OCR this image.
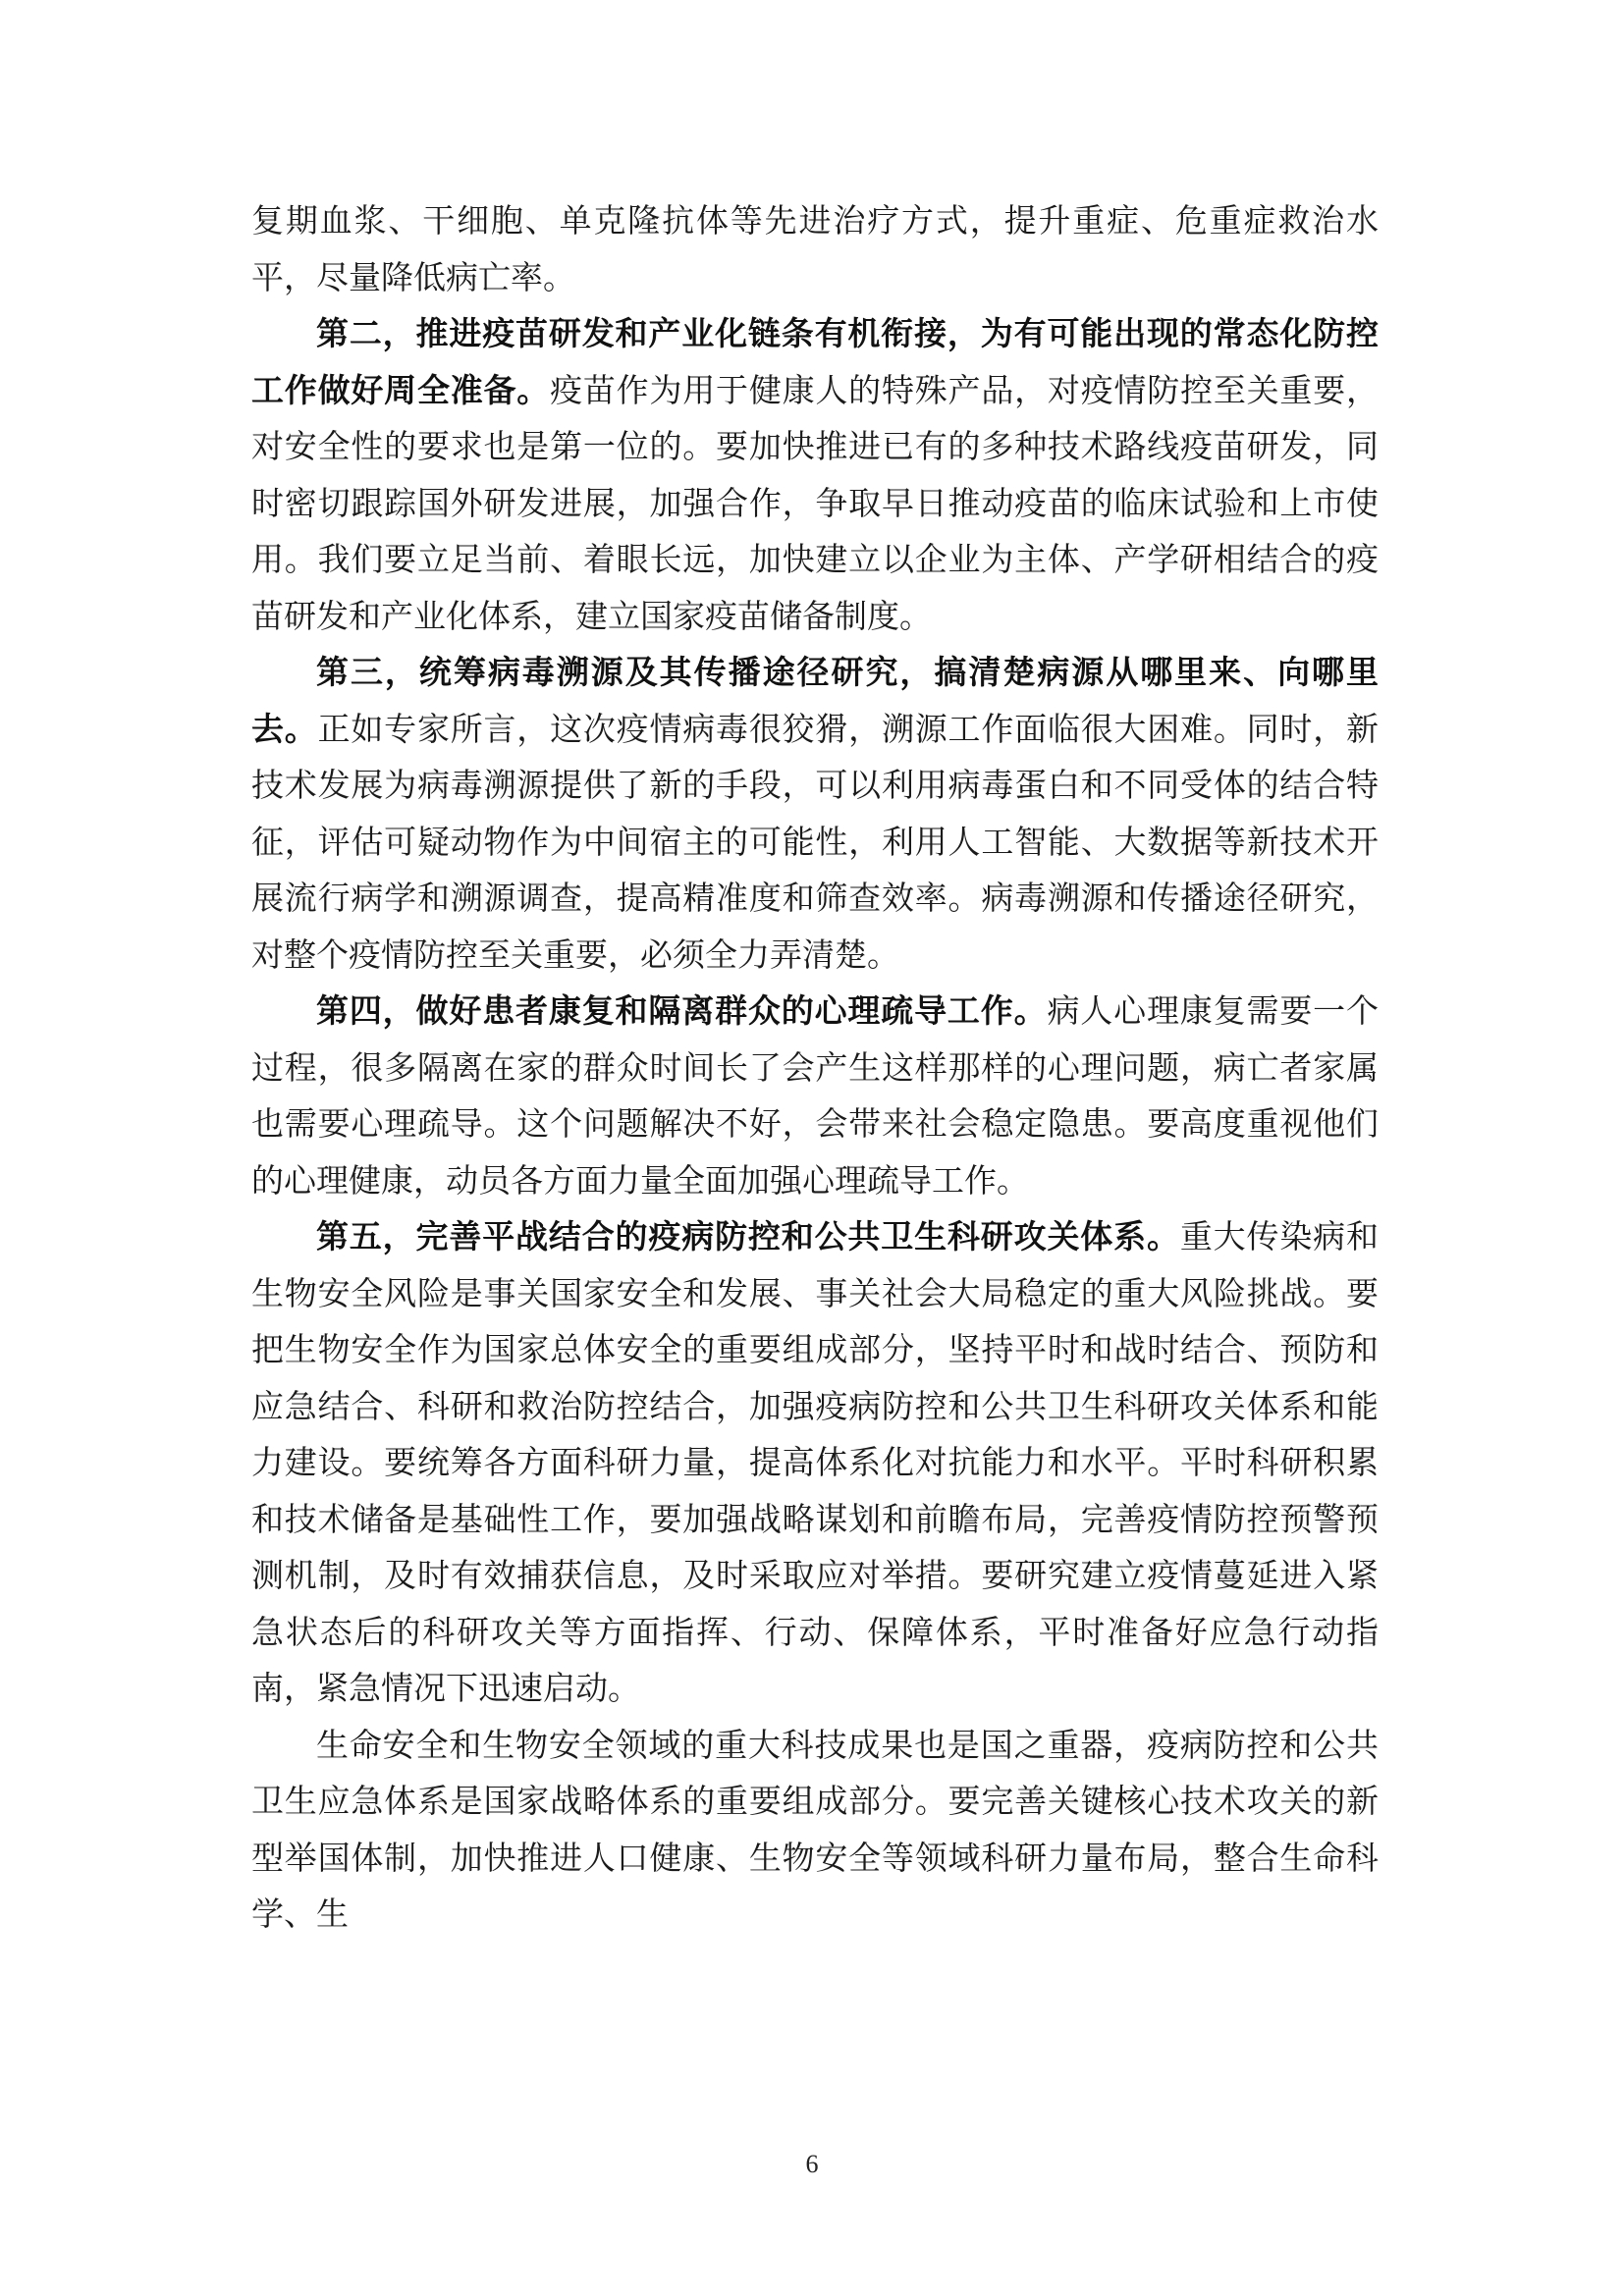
复期血浆、干细胞、单克隆抗体等先进治疗方式，提升重症、危重症救治水平，尽量降低病亡率。

第二，推进疫苗研发和产业化链条有机衔接，为有可能出现的常态化防控工作做好周全准备。疫苗作为用于健康人的特殊产品，对疫情防控至关重要，对安全性的要求也是第一位的。要加快推进已有的多种技术路线疫苗研发，同时密切跟踪国外研发进展，加强合作，争取早日推动疫苗的临床试验和上市使用。我们要立足当前、着眼长远，加快建立以企业为主体、产学研相结合的疫苗研发和产业化体系，建立国家疫苗储备制度。

第三，统筹病毒溯源及其传播途径研究，搞清楚病源从哪里来、向哪里去。正如专家所言，这次疫情病毒很狡猾，溯源工作面临很大困难。同时，新技术发展为病毒溯源提供了新的手段，可以利用病毒蛋白和不同受体的结合特征，评估可疑动物作为中间宿主的可能性，利用人工智能、大数据等新技术开展流行病学和溯源调查，提高精准度和筛查效率。病毒溯源和传播途径研究，对整个疫情防控至关重要，必须全力弄清楚。

第四，做好患者康复和隔离群众的心理疏导工作。病人心理康复需要一个过程，很多隔离在家的群众时间长了会产生这样那样的心理问题，病亡者家属也需要心理疏导。这个问题解决不好，会带来社会稳定隐患。要高度重视他们的心理健康，动员各方面力量全面加强心理疏导工作。

第五，完善平战结合的疫病防控和公共卫生科研攻关体系。重大传染病和生物安全风险是事关国家安全和发展、事关社会大局稳定的重大风险挑战。要把生物安全作为国家总体安全的重要组成部分，坚持平时和战时结合、预防和应急结合、科研和救治防控结合，加强疫病防控和公共卫生科研攻关体系和能力建设。要统筹各方面科研力量，提高体系化对抗能力和水平。平时科研积累和技术储备是基础性工作，要加强战略谋划和前瞻布局，完善疫情防控预警预测机制，及时有效捕获信息，及时采取应对举措。要研究建立疫情蔓延进入紧急状态后的科研攻关等方面指挥、行动、保障体系，平时准备好应急行动指南，紧急情况下迅速启动。

生命安全和生物安全领域的重大科技成果也是国之重器，疫病防控和公共卫生应急体系是国家战略体系的重要组成部分。要完善关键核心技术攻关的新型举国体制，加快推进人口健康、生物安全等领域科研力量布局，整合生命科学、生

6
